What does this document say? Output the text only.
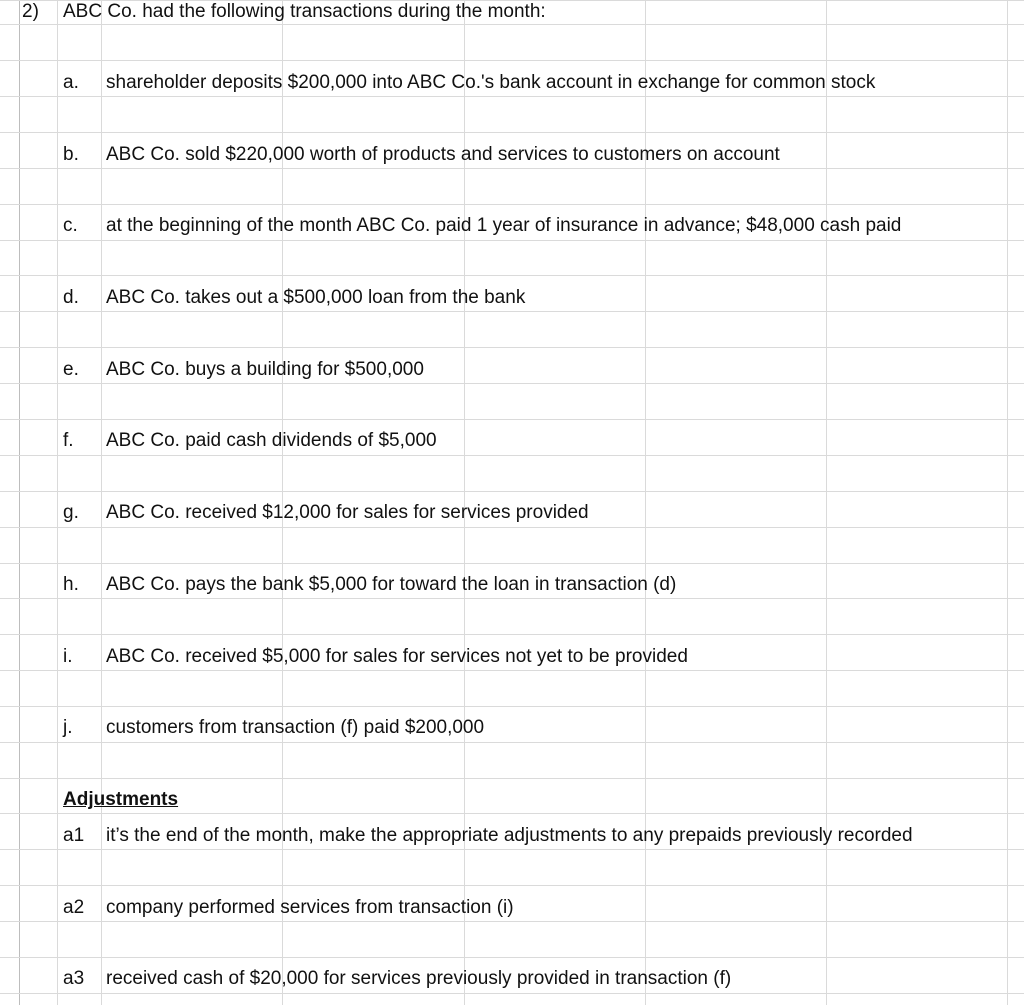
2) ABC Co. had the following transactions during the month:
a. shareholder deposits $200,000 into ABC Co.'s bank account in exchange for common stock
b. ABC Co. sold $220,000 worth of products and services to customers on account
c. at the beginning of the month ABC Co. paid 1 year of insurance in advance; $48,000 cash paid
d. ABC Co. takes out a $500,000 loan from the bank
e. ABC Co. buys a building for $500,000
f. ABC Co. paid cash dividends of $5,000
g. ABC Co. received $12,000 for sales for services provided
h. ABC Co. pays the bank $5,000 for toward the loan in transaction (d)
i. ABC Co. received $5,000 for sales for services not yet to be provided
j. customers from transaction (f) paid $200,000
Adjustments
a1 it’s the end of the month, make the appropriate adjustments to any prepaids previously recorded
a2 company performed services from transaction (i)
a3 received cash of $20,000 for services previously provided in transaction (f)
